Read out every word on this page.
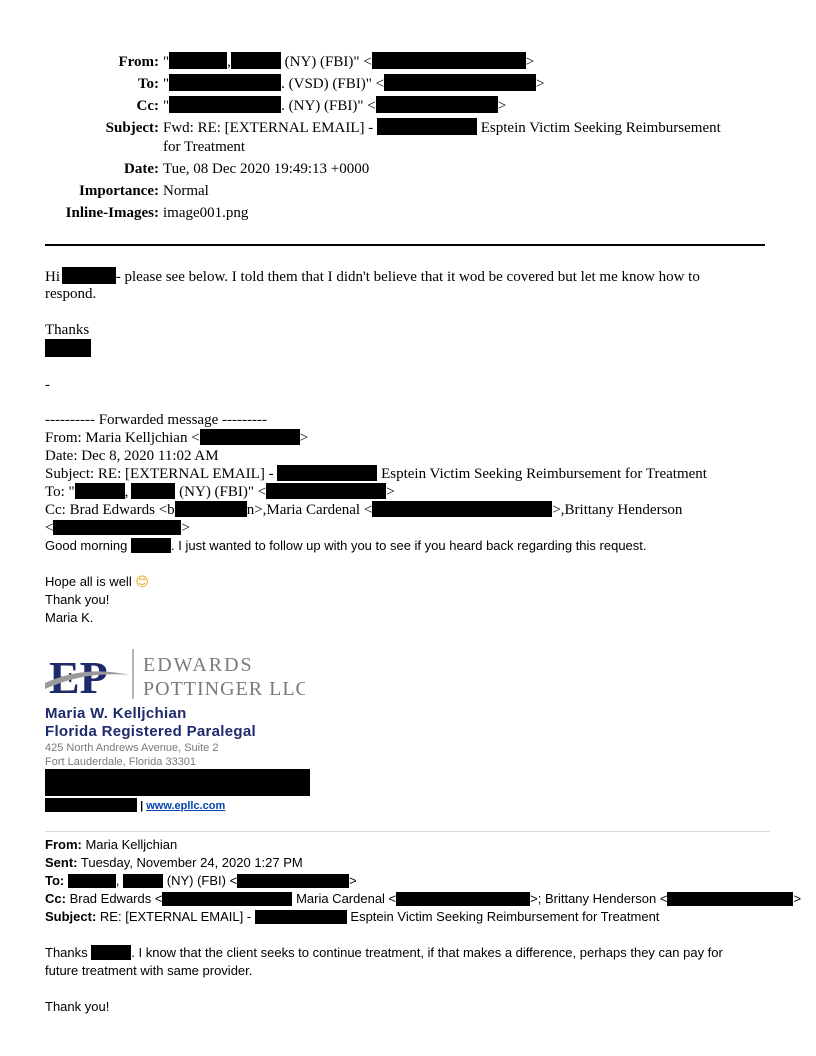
From: "	,	(NY) (FBI)" <	>
To: "	. (VSD) (FBI)" <	>
Cc: "	. (NY) (FBI)" <	>
Subject: Fwd: RE: [EXTERNAL EMAIL] -	Esptein Victim Seeking Reimbursement
for Treatment
Date: Tue, 08 Dec 2020 19:49:13 +0000
Importance: Normal
Inline-Images: image001.png
Hi	- please see below. I told them that I didn't believe that it wod be covered but let me know how to
respond.
Thanks
-
---------- Forwarded message ---------
From: Maria Kelljchian <	>
Date: Dec 8, 2020 11:02 AM
Subject: RE: [EXTERNAL EMAIL] -	Esptein Victim Seeking Reimbursement for Treatment
To: "	,	(NY) (FBI)" <	>
Cc: Brad Edwards <b	n>,Maria Cardenal <	>,Brittany Henderson
<	>
Good morning	. I just wanted to follow up with you to see if you heard back regarding this request.
Hope all is well 😊
Thank you!
Maria K.
EP EDWARDS
POTTINGER LLC
Maria W. Kelljchian
Florida Registered Paralegal
425 North Andrews Avenue, Suite 2
Fort Lauderdale, Florida 33301
| www.epllc.com
From: Maria Kelljchian
Sent: Tuesday, November 24, 2020 1:27 PM
To:	,	(NY) (FBI) <	>
Cc: Brad Edwards <	Maria Cardenal <	>; Brittany Henderson <	>
Subject: RE: [EXTERNAL EMAIL] -	Esptein Victim Seeking Reimbursement for Treatment
Thanks	. I know that the client seeks to continue treatment, if that makes a difference, perhaps they can pay for
future treatment with same provider.
Thank you!
